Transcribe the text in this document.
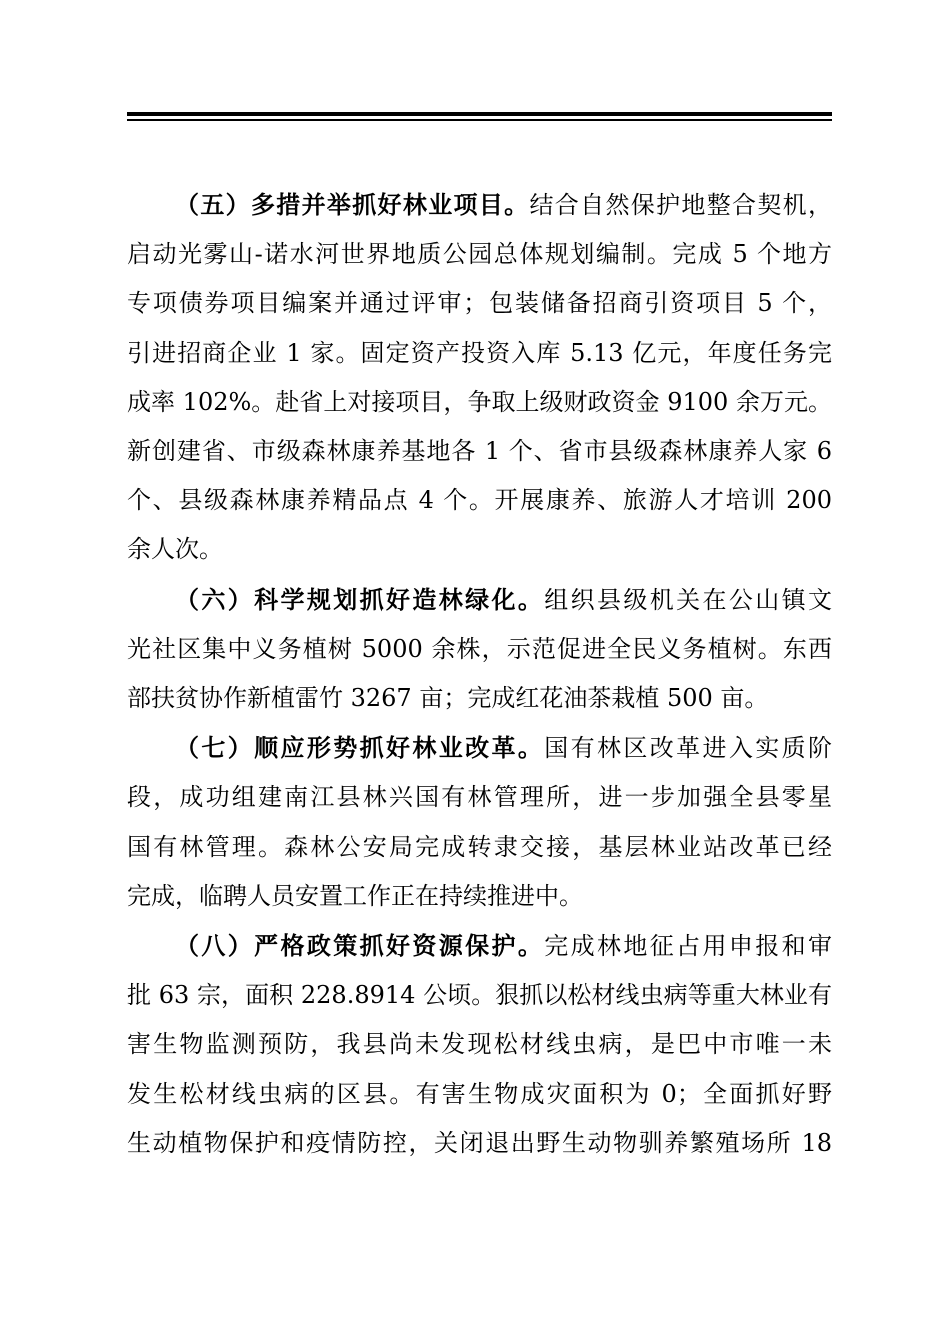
（五）多措并举抓好林业项目。结合自然保护地整合契机，
启动光雾山-诺水河世界地质公园总体规划编制。完成 5 个地方
专项债券项目编案并通过评审；包装储备招商引资项目 5 个，
引进招商企业 1 家。固定资产投资入库 5.13 亿元，年度任务完
成率 102%。赴省上对接项目，争取上级财政资金 9100 余万元。
新创建省、市级森林康养基地各 1 个、省市县级森林康养人家 6
个、县级森林康养精品点 4 个。开展康养、旅游人才培训 200
余人次。
（六）科学规划抓好造林绿化。组织县级机关在公山镇文
光社区集中义务植树 5000 余株，示范促进全民义务植树。东西
部扶贫协作新植雷竹 3267 亩；完成红花油茶栽植 500 亩。
（七）顺应形势抓好林业改革。国有林区改革进入实质阶
段，成功组建南江县林兴国有林管理所，进一步加强全县零星
国有林管理。森林公安局完成转隶交接，基层林业站改革已经
完成，临聘人员安置工作正在持续推进中。
（八）严格政策抓好资源保护。完成林地征占用申报和审
批 63 宗，面积 228.8914 公顷。狠抓以松材线虫病等重大林业有
害生物监测预防，我县尚未发现松材线虫病，是巴中市唯一未
发生松材线虫病的区县。有害生物成灾面积为 0；全面抓好野
生动植物保护和疫情防控，关闭退出野生动物驯养繁殖场所 18
